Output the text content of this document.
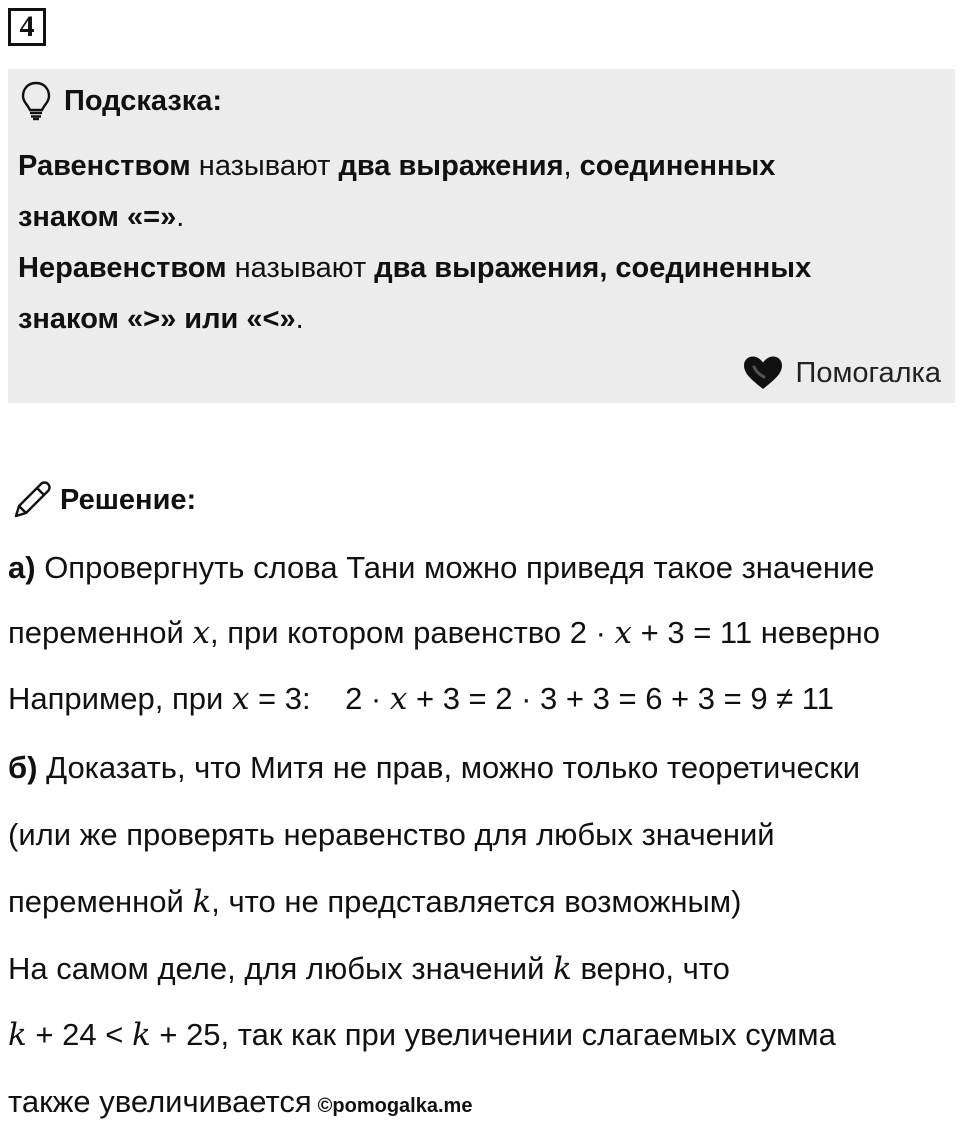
4
Подсказка:
Равенством называют два выражения, соединенных
знаком «=».
Неравенством называют два выражения, соединенных
знаком «>» или «<».
Помогалка
Решение:
а) Опровергнуть слова Тани можно приведя такое значение
переменной x, при котором равенство 2 · x + 3 = 11 неверно
Например, при x = 3:    2 · x + 3 = 2 · 3 + 3 = 6 + 3 = 9 ≠ 11
б) Доказать, что Митя не прав, можно только теоретически
(или же проверять неравенство для любых значений
переменной k, что не представляется возможным)
На самом деле, для любых значений k верно, что
k + 24 < k + 25, так как при увеличении слагаемых сумма
также увеличивается ©pomogalka.me
